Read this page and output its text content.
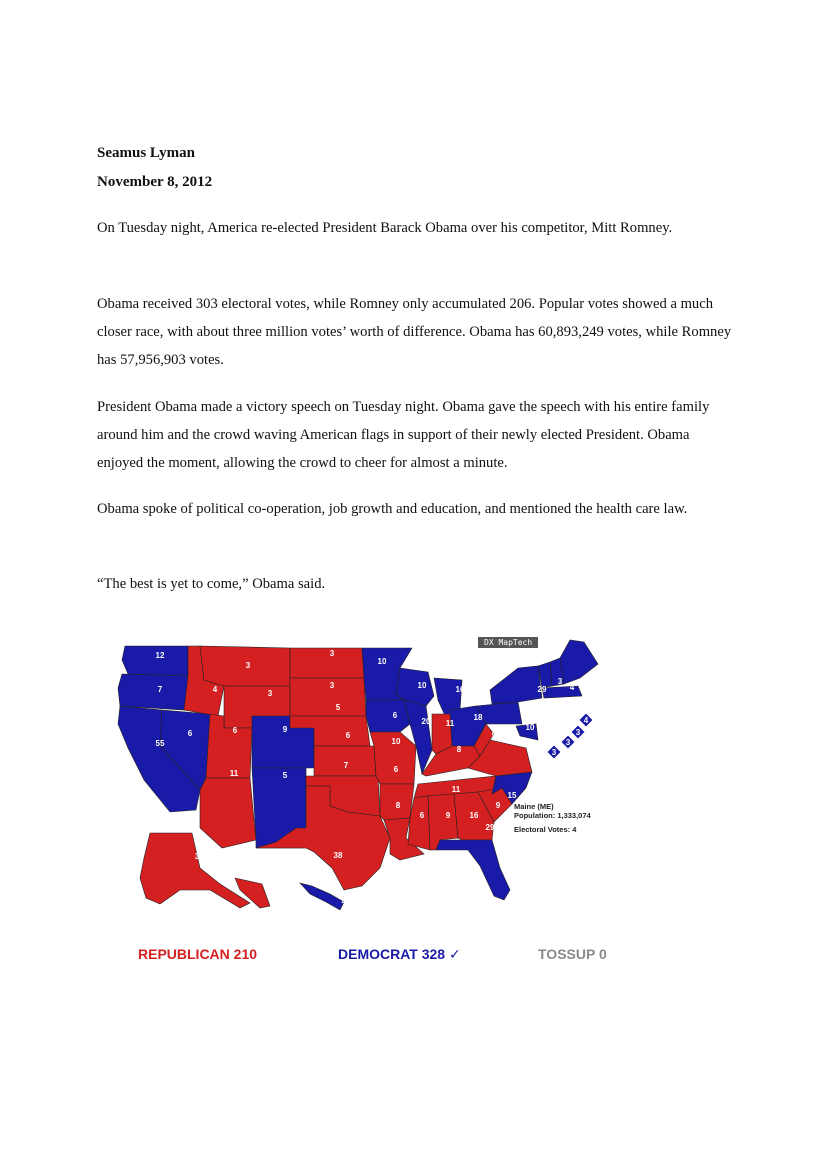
Seamus Lyman
November 8, 2012

On Tuesday night, America re-elected President Barack Obama over his competitor, Mitt Romney.

Obama received 303 electoral votes, while Romney only accumulated 206. Popular votes showed a much closer race, with about three million votes’ worth of difference. Obama has 60,893,249 votes, while Romney has 57,956,903 votes.

President Obama made a victory speech on Tuesday night. Obama gave the speech with his entire family around him and the crowd waving American flags in support of their newly elected President. Obama enjoyed the moment, allowing the crowd to cheer for almost a minute.

Obama spoke of political co-operation, job growth and education, and mentioned the health care law.

“The best is yet to come,” Obama said.

12
7
55
6
4
3
3
6
11
9
5
3
3
5
6
7
38
10
6
10
6
8
10
20
16
11
18
8
11
6	9 16
29
9
15
13
5
20
29
3
4
4
11
10
3
4
4
3
3
3
DX MapTech
Maine (ME)
Population: 1,333,074
Electoral Votes: 4
REPUBLICAN 210	DEMOCRAT 328 ✓	TOSSUP 0
